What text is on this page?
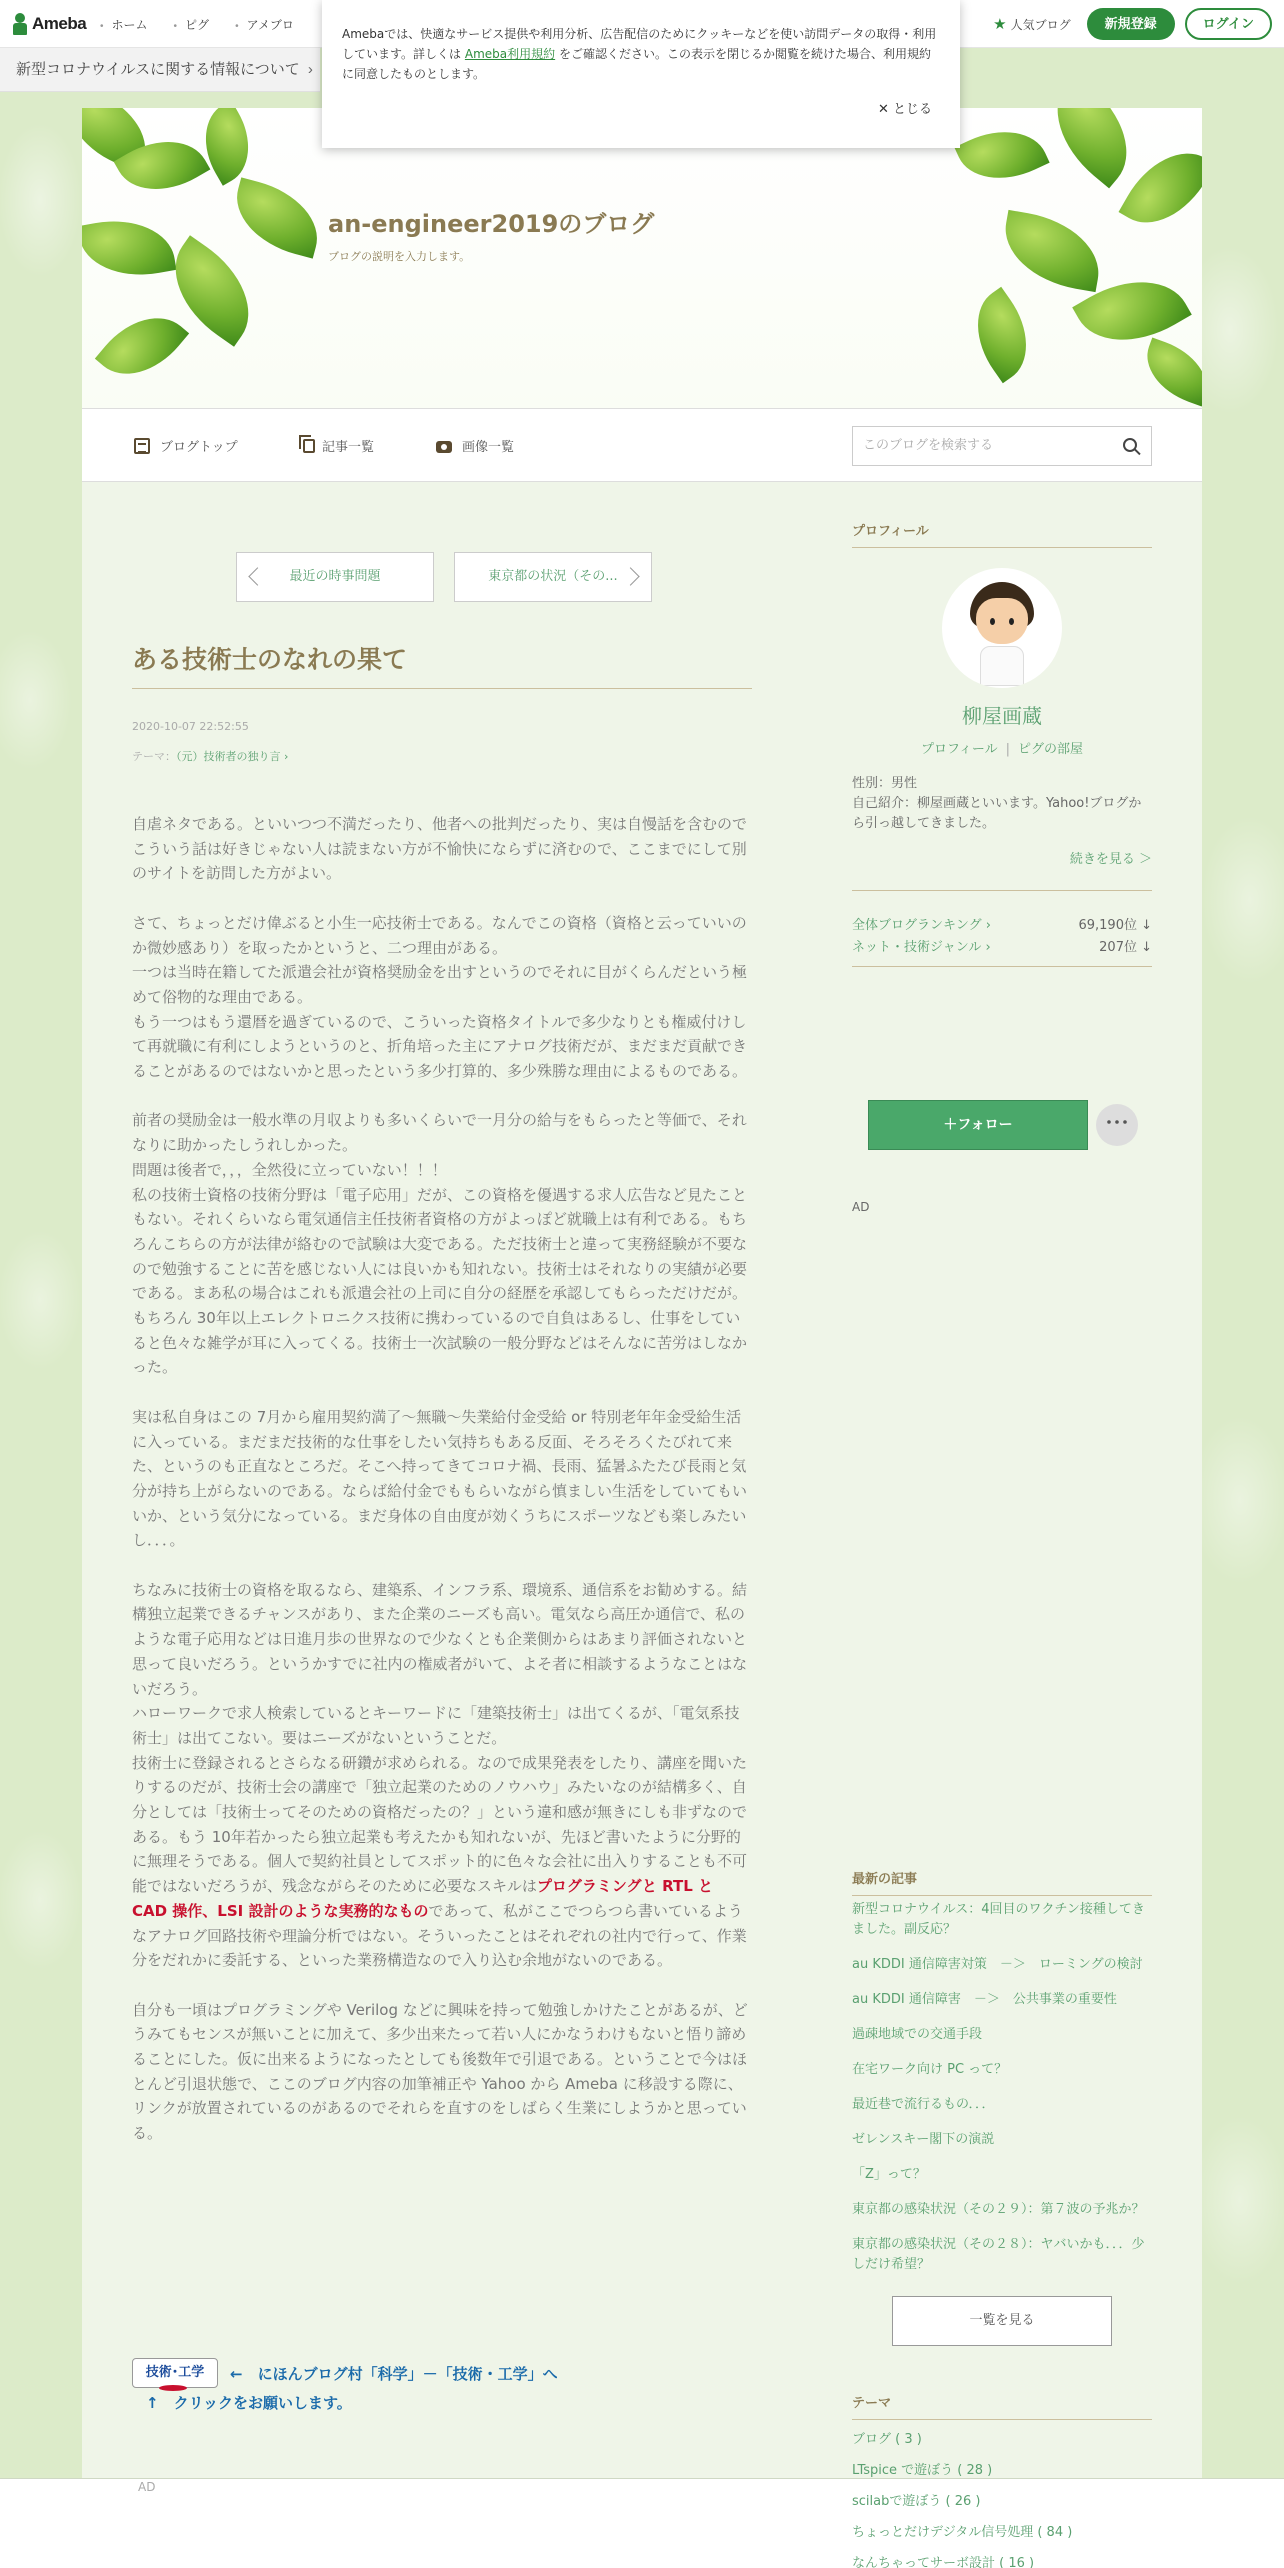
Ameba	• ホーム	• ピグ	• アメブロ	★ 人気ブログ	新規登録	ログイン
新型コロナウイルスに関する情報について ›
Amebaでは、快適なサービス提供や利用分析、広告配信のためにクッキーなどを使い訪問データの取得・利用しています。詳しくは Ameba利用規約 をご確認ください。この表示を閉じるか閲覧を続けた場合、利用規約に同意したものとします。
✕ とじる
an-engineer2019のブログ
ブログの説明を入力します。
ブログトップ	記事一覧	画像一覧	このブログを検索する
最近の時事問題	東京都の状況（その...
ある技術士のなれの果て
2020-10-07 22:52:55
テーマ：（元）技術者の独り言 ›

自虐ネタである。といいつつ不満だったり、他者への批判だったり、実は自慢話を含むのでこういう話は好きじゃない人は読まない方が不愉快にならずに済むので、ここまでにして別のサイトを訪問した方がよい。

さて、ちょっとだけ偉ぶると小生一応技術士である。なんでこの資格（資格と云っていいのか微妙感あり）を取ったかというと、二つ理由がある。
一つは当時在籍してた派遣会社が資格奨励金を出すというのでそれに目がくらんだという極めて俗物的な理由である。
もう一つはもう還暦を過ぎているので、こういった資格タイトルで多少なりとも権威付けして再就職に有利にしようというのと、折角培った主にアナログ技術だが、まだまだ貢献できることがあるのではないかと思ったという多少打算的、多少殊勝な理由によるものである。

前者の奨励金は一般水準の月収よりも多いくらいで一月分の給与をもらったと等価で、それなりに助かったしうれしかった。
問題は後者で，，，全然役に立っていない！！！
私の技術士資格の技術分野は「電子応用」だが、この資格を優遇する求人広告など見たこともない。それくらいなら電気通信主任技術者資格の方がよっぽど就職上は有利である。もちろんこちらの方が法律が絡むので試験は大変である。ただ技術士と違って実務経験が不要なので勉強することに苦を感じない人には良いかも知れない。技術士はそれなりの実績が必要である。まあ私の場合はこれも派遣会社の上司に自分の経歴を承認してもらっただけだが。もちろん 30年以上エレクトロニクス技術に携わっているので自負はあるし、仕事をしていると色々な雑学が耳に入ってくる。技術士一次試験の一般分野などはそんなに苦労はしなかった。

実は私自身はこの 7月から雇用契約満了～無職～失業給付金受給 or 特別老年年金受給生活に入っている。まだまだ技術的な仕事をしたい気持ちもある反面、そろそろくたびれて来た、というのも正直なところだ。そこへ持ってきてコロナ禍、長雨、猛暑ふたたび長雨と気分が持ち上がらないのである。ならば給付金でももらいながら慎ましい生活をしていてもいいか、という気分になっている。まだ身体の自由度が効くうちにスポーツなども楽しみたいし．．．。

ちなみに技術士の資格を取るなら、建築系、インフラ系、環境系、通信系をお勧めする。結構独立起業できるチャンスがあり、また企業のニーズも高い。電気なら高圧か通信で、私のような電子応用などは日進月歩の世界なので少なくとも企業側からはあまり評価されないと思って良いだろう。というかすでに社内の権威者がいて、よそ者に相談するようなことはないだろう。
ハローワークで求人検索しているとキーワードに「建築技術士」は出てくるが、「電気系技術士」は出てこない。要はニーズがないということだ。
技術士に登録されるとさらなる研鑽が求められる。なので成果発表をしたり、講座を聞いたりするのだが、技術士会の講座で「独立起業のためのノウハウ」みたいなのが結構多く、自分としては「技術士ってそのための資格だったの？」という違和感が無きにしも非ずなのである。もう 10年若かったら独立起業も考えたかも知れないが、先ほど書いたように分野的に無理そうである。個人で契約社員としてスポット的に色々な会社に出入りすることも不可能ではないだろうが、残念ながらそのために必要なスキルはプログラミングと RTL と CAD 操作、LSI 設計のような実務的なものであって、私がここでつらつら書いているようなアナログ回路技術や理論分析ではない。そういったことはそれぞれの社内で行って、作業分をだれかに委託する、といった業務構造なので入り込む余地がないのである。

自分も一頃はプログラミングや Verilog などに興味を持って勉強しかけたことがあるが、どうみてもセンスが無いことに加えて、多少出来たって若い人にかなうわけもないと悟り諦めることにした。仮に出来るようになったとしても後数年で引退である。ということで今はほとんど引退状態で、ここのブログ内容の加筆補正や Yahoo から Ameba に移設する際に、リンクが放置されているのがあるのでそれらを直すのをしばらく生業にしようかと思っている。

技術･工学	←　にほんブログ村「科学」－「技術・工学」へ
↑　クリックをお願いします。
AD
プロフィール
柳屋画蔵
プロフィール | ピグの部屋
性別：男性
自己紹介：柳屋画蔵といいます。Yahoo!ブログから引っ越してきました。
続きを見る ＞
全体ブログランキング ›	69,190位 ↓
ネット・技術ジャンル ›	207位 ↓
＋フォロー	･･･
AD
最新の記事
新型コロナウイルス：4回目のワクチン接種してきました。副反応？
au KDDI 通信障害対策　－＞　ローミングの検討
au KDDI 通信障害　－＞　公共事業の重要性
過疎地域での交通手段
在宅ワーク向け PC って？
最近巷で流行るもの．．．
ゼレンスキー閣下の演説
「Z」って？
東京都の感染状況（その２９）：第７波の予兆か？
東京都の感染状況（その２８）：ヤバいかも．．．少しだけ希望？
一覧を見る
テーマ
ブログ ( 3 )
LTspice で遊ぼう ( 28 )
scilabで遊ぼう ( 26 )
ちょっとだけデジタル信号処理 ( 84 )
なんちゃってサーボ設計 ( 16 )
